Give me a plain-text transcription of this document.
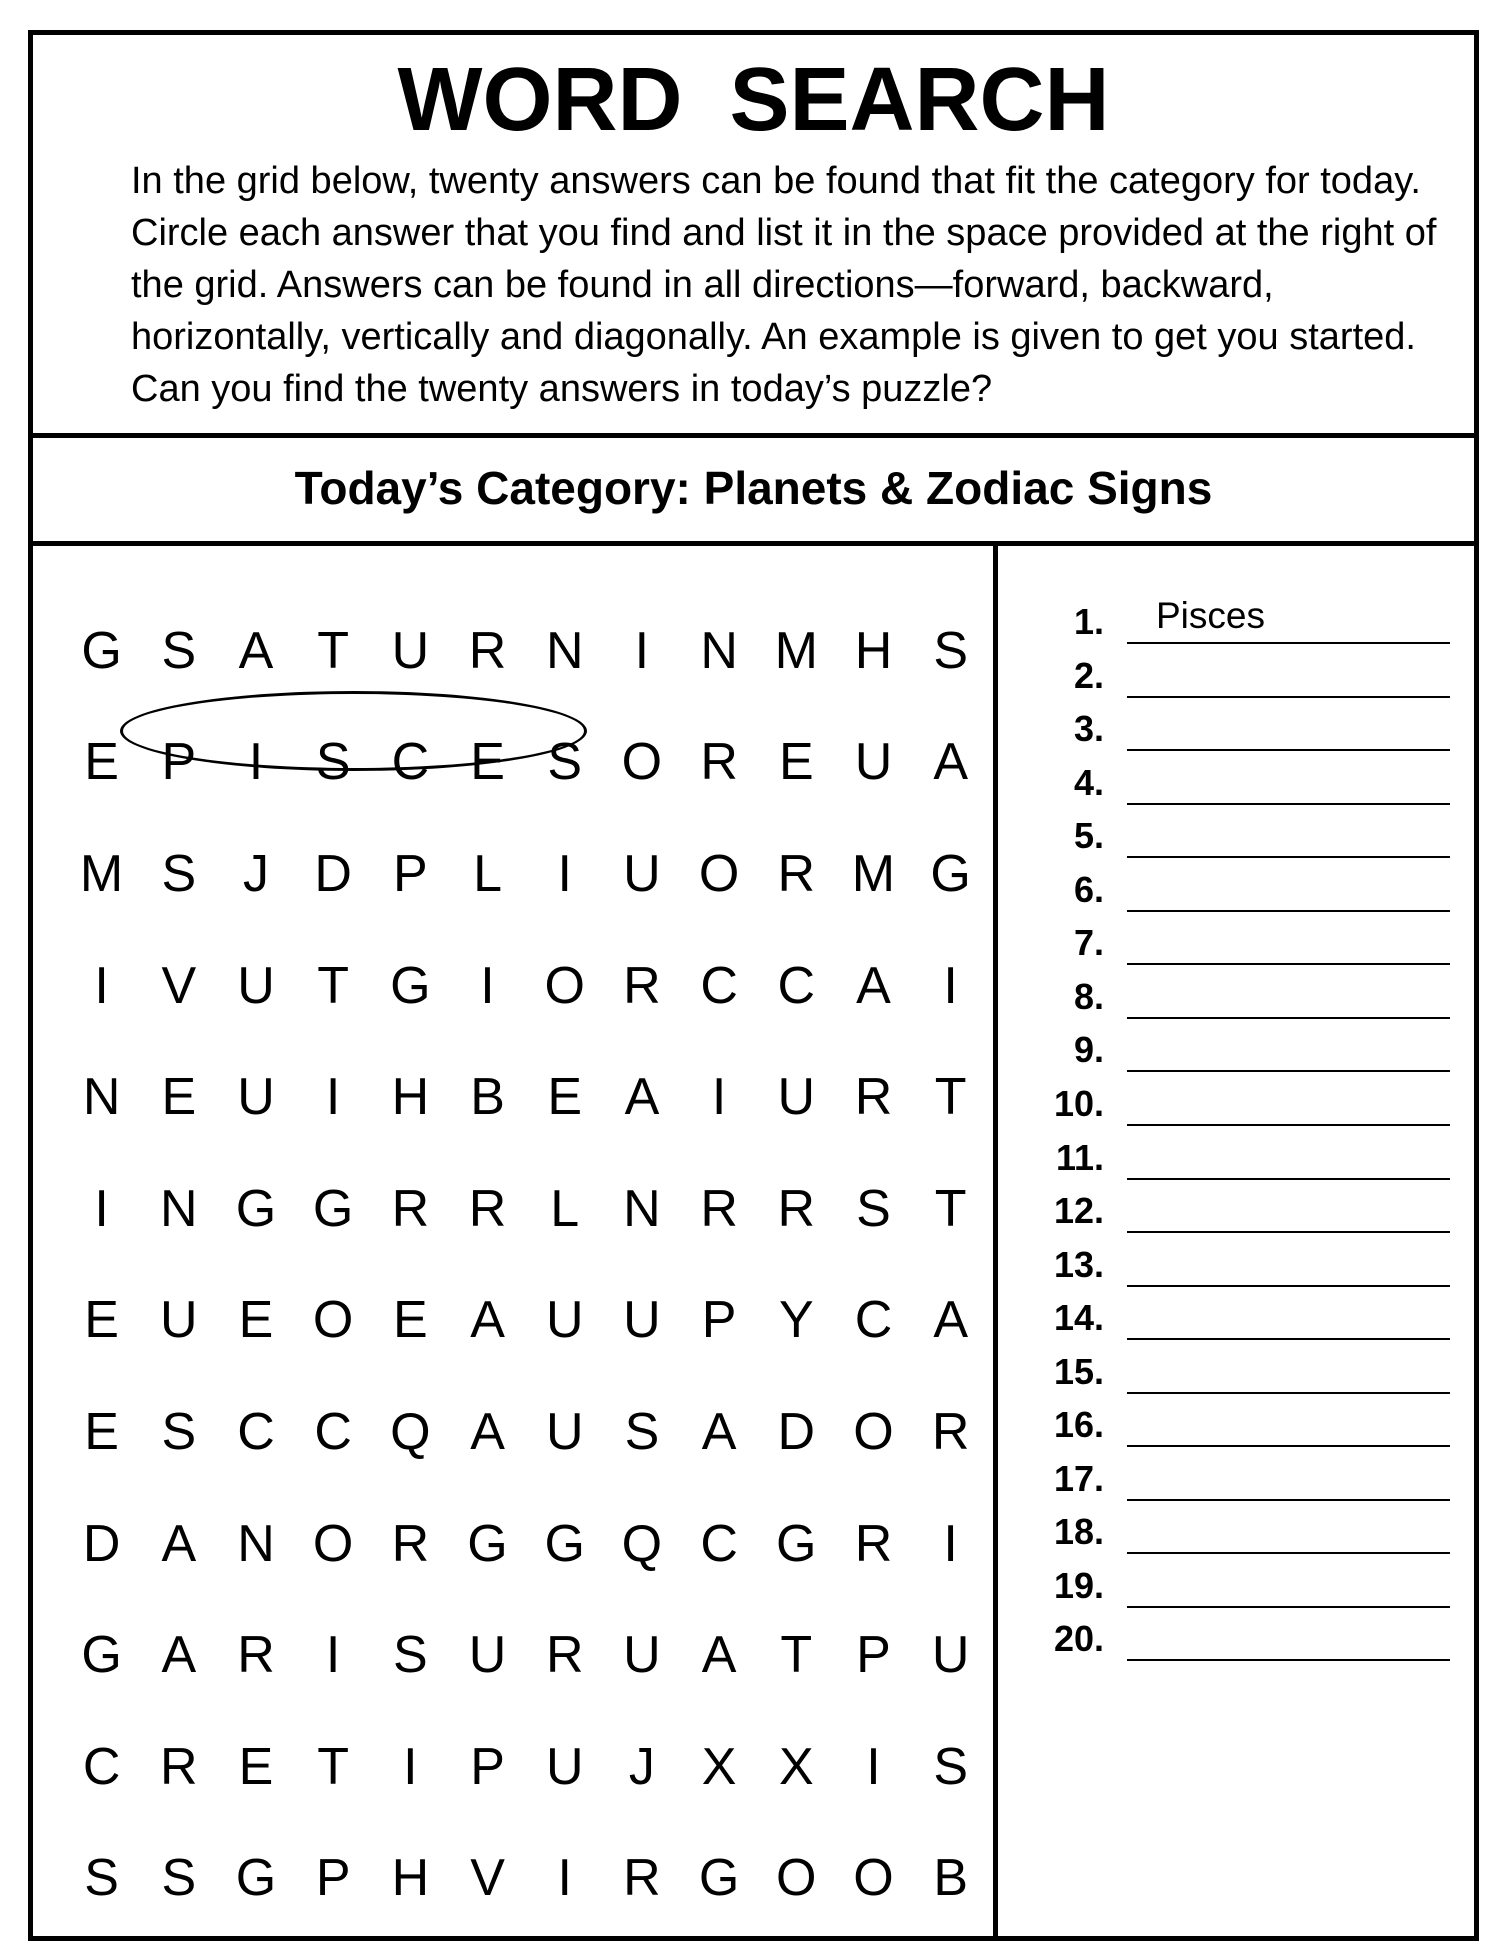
WORD SEARCH

In the grid below, twenty answers can be found that fit the category for today. Circle each answer that you find and list it in the space provided at the right of the grid. Answers can be found in all directions—forward, backward, horizontally, vertically and diagonally. An example is given to get you started. Can you find the twenty answers in today’s puzzle?

Today’s Category: Planets & Zodiac Signs
G S A T U R N I N M H S
E P	I	S C E S O R E U A
M S J D P L	I U O R M G
I	V U T G I O R C C A	I
N E U I H B E A	I U R T
I N G G R R L N R R S T
E U E O E A U U P Y C A
E S C C Q A U S A D O R
D A N O R G G Q C G R I
G A R I	S U R U A T P U
C R E T	I	P U J X X	I	S
S S G P H V	I R G O O B
1. Pisces
2.
3.
4.
5.
6.
7.
8.
9.
10.
11.
12.
13.
14.
15.
16.
17.
18.
19.
20.
